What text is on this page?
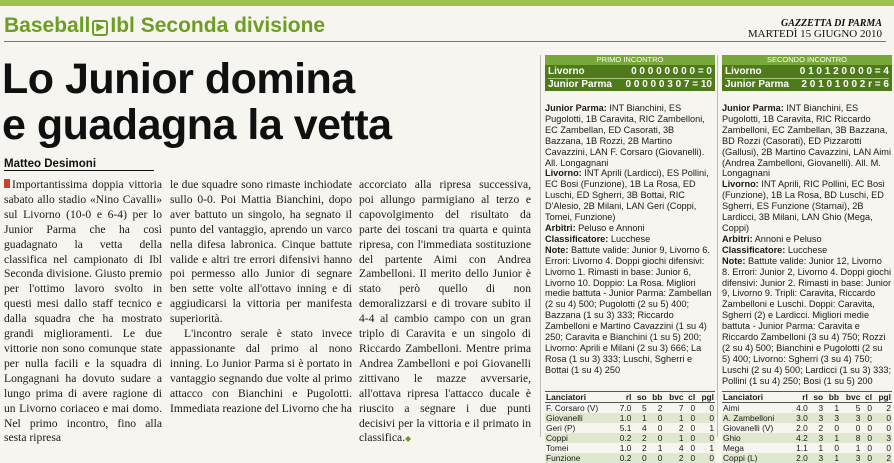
Baseball ▶ Ibl Seconda divisione	GAZZETTA DI PARMA
MARTEDÌ 15 GIUGNO 2010
Lo Junior domina
e guadagna la vetta
Matteo Desimoni
Importantissima doppia vittoria sabato allo stadio «Nino Cavalli» sul Livorno (10-0 e 6-4) per lo Junior Parma che ha così guadagnato la vetta della classifica nel campionato di Ibl Seconda divisione. Giusto premio per l'ottimo lavoro svolto in questi mesi dallo staff tecnico e dalla squadra che ha mostrato grandi miglioramenti. Le due vittorie non sono comunque state per nulla facili e la squadra di Longagnani ha dovuto sudare a lungo prima di avere ragione di un Livorno coriaceo e mai domo. Nel primo incontro, fino alla sesta ripresa
le due squadre sono rimaste inchiodate sullo 0-0. Poi Mattia Bianchini, dopo aver battuto un singolo, ha segnato il punto del vantaggio, aprendo un varco nella difesa labronica. Cinque battute valide e altri tre errori difensivi hanno poi permesso allo Junior di segnare ben sette volte all'ottavo inning e di aggiudicarsi la vittoria per manifesta superiorità.
L'incontro serale è stato invece appassionante dal primo al nono inning. Lo Junior Parma si è portato in vantaggio segnando due volte al primo attacco con Bianchini e Pugolotti. Immediata reazione del Livorno che ha
accorciato alla ripresa successiva, poi allungo parmigiano al terzo e capovolgimento del risultato da parte dei toscani tra quarta e quinta ripresa, con l'immediata sostituzione del partente Aimi con Andrea Zambelloni. Il merito dello Junior è stato però quello di non demoralizzarsi e di trovare subito il 4-4 al cambio campo con un gran triplo di Caravita e un singolo di Riccardo Zambelloni. Mentre prima Andrea Zambelloni e poi Giovanelli zittivano le mazze avversarie, all'ottava ripresa l'attacco ducale è riuscito a segnare i due punti decisivi per la vittoria e il primato in classifica.◆
PRIMO INCONTRO
Livorno	0 0 0 0 0 0 0 0 = 0
Junior Parma 0 0 0 0 0 3 0 7 = 10

Junior Parma: INT Bianchini, ES Pugolotti, 1B Caravita, RIC Zambelloni, EC Zambellan, ED Casorati, 3B Bazzana, 1B Rozzi, 2B Martino Cavazzini, LAN F. Corsaro (Giovanelli). All. Longagnani

Livorno: INT Aprili (Lardicci), ES Pollini, EC Bosi (Funzione), 1B La Rosa, ED Luschi, ED Sgherri, 3B Bottai, RIC D'Alesio, 2B Milani, LAN Geri (Coppi, Tomei, Funzione)

Arbitri: Peluso e Annoni

Classificatore: Lucchese

Note: Battute valide: Junior 9, Livorno 6. Errori: Livorno 4. Doppi giochi difensivi: Livorno 1. Rimasti in base: Junior 6, Livorno 10. Doppio: La Rosa. Migliori medie battuta - Junior Parma: Zambellan (2 su 4) 500; Pugolotti (2 su 5) 400; Bazzana (1 su 3) 333; Riccardo Zambelloni e Martino Cavazzini (1 su 4) 250; Caravita e Bianchini (1 su 5) 200; Livorno: Aprili e Milani (2 su 3) 666; La Rosa (1 su 3) 333; Luschi, Sgherri e Bottai (1 su 4) 250

Lanciatori	rl	so	bb	bvc	cl	pgl
F. Corsaro (V)	7.0	5	2	7	0	0
Giovanelli	1.0	1	0	1	0	0
Geri (P)	5.1	4	0	2	0	1
Coppi	0.2	2	0	1	0	0
Tomei	1.0	2	1	4	0	1
Funzione	0.2	0	0	2	0	0
SECONDO INCONTRO
Livorno	0 1 0 1 2 0 0 0 0 = 4
Junior Parma 2 0 1 0 1 0 0 2 r = 6

Junior Parma: INT Bianchini, ES Pugolotti, 1B Caravita, RIC Riccardo Zambelloni, EC Zambellan, 3B Bazzana, BD Rozzi (Casorati), ED Pizzarotti (Gallusi), 2B Martino Cavazzini, LAN Aimi (Andrea Zambelloni, Giovanelli). All. M. Longagnani

Livorno: INT Aprili, RIC Pollini, EC Bosi (Funzione), 1B La Rosa, BD Luschi, ED Sgherri, ES Funzione (Starnai), 2B Lardicci, 3B Milani, LAN Ghio (Mega, Coppi)

Arbitri: Annoni e Peluso

Classificatore: Lucchese

Note: Battute valide: Junior 12, Livorno 8. Errori: Junior 2, Livorno 4. Doppi giochi difensivi: Junior 2. Rimasti in base: Junior 9, Livorno 9. Tripli: Caravita, Riccardo Zambelloni e Luschi. Doppi: Caravita, Sgherri (2) e Lardicci. Migliori medie battuta - Junior Parma: Caravita e Riccardo Zambelloni (3 su 4) 750; Rozzi (2 su 4) 500; Bianchini e Pugolotti (2 su 5) 400; Livorno: Sgherri (3 su 4) 750; Luschi (2 su 4) 500; Lardicci (1 su 3) 333; Pollini (1 su 4) 250; Bosi (1 su 5) 200

Lanciatori	rl	so	bb	bvc	cl	pgl
Aimi	4.0	3	1	5	0	2
A. Zambelloni	3.0	3	3	3	0	0
Giovanelli (V)	2.0	2	0	0	0	0
Ghio	4.2	3	1	8	0	3
Mega	1.1	1	0	1	0	0
Coppi (L)	2.0	3	1	3	0	2
